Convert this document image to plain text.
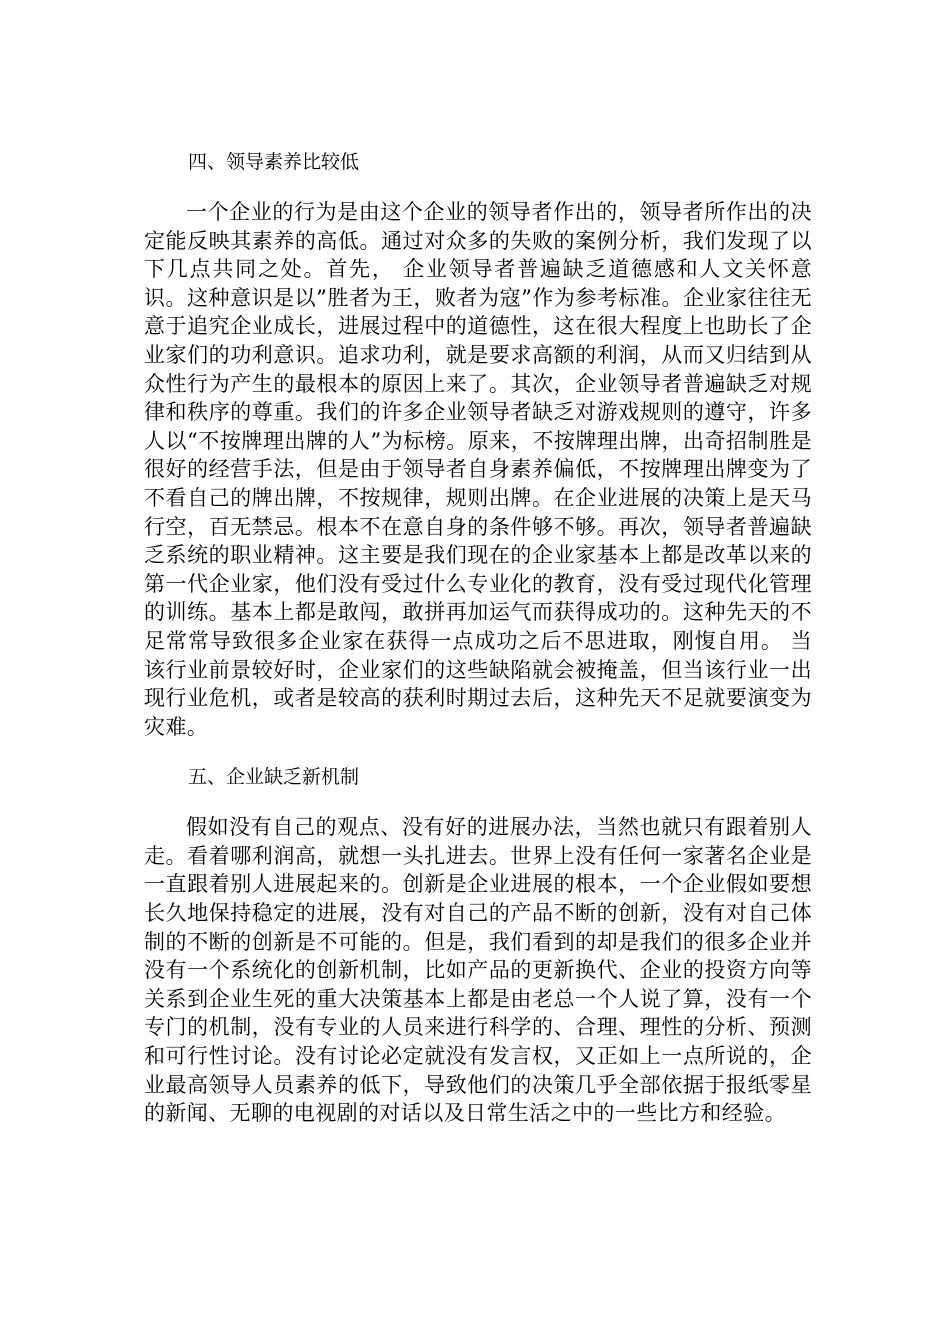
四、领导素养比较低

一个企业的行为是由这个企业的领导者作出的，领导者所作出的决定能反映其素养的高低。通过对众多的失败的案例分析，我们发现了以下几点共同之处。首先， 企业领导者普遍缺乏道德感和人文关怀意识。这种意识是以”胜者为王，败者为寇”作为参考标准。企业家往往无意于追究企业成长，进展过程中的道德性，这在很大程度上也助长了企业家们的功利意识。追求功利，就是要求高额的利润，从而又归结到从众性行为产生的最根本的原因上来了。其次，企业领导者普遍缺乏对规律和秩序的尊重。我们的许多企业领导者缺乏对游戏规则的遵守，许多人以“不按牌理出牌的人”为标榜。原来，不按牌理出牌，出奇招制胜是很好的经营手法，但是由于领导者自身素养偏低，不按牌理出牌变为了不看自己的牌出牌，不按规律，规则出牌。在企业进展的决策上是天马行空，百无禁忌。根本不在意自身的条件够不够。再次，领导者普遍缺乏系统的职业精神。这主要是我们现在的企业家基本上都是改革以来的第一代企业家，他们没有受过什么专业化的教育，没有受过现代化管理的训练。基本上都是敢闯，敢拼再加运气而获得成功的。这种先天的不足常常导致很多企业家在获得一点成功之后不思进取，刚愎自用。 当该行业前景较好时，企业家们的这些缺陷就会被掩盖，但当该行业一出现行业危机，或者是较高的获利时期过去后，这种先天不足就要演变为灾难。

五、企业缺乏新机制

假如没有自己的观点、没有好的进展办法，当然也就只有跟着别人走。看着哪利润高，就想一头扎进去。世界上没有任何一家著名企业是一直跟着别人进展起来的。创新是企业进展的根本，一个企业假如要想长久地保持稳定的进展，没有对自己的产品不断的创新，没有对自己体制的不断的创新是不可能的。但是，我们看到的却是我们的很多企业并没有一个系统化的创新机制，比如产品的更新换代、企业的投资方向等关系到企业生死的重大决策基本上都是由老总一个人说了算，没有一个专门的机制，没有专业的人员来进行科学的、合理、理性的分析、预测和可行性讨论。没有讨论必定就没有发言权，又正如上一点所说的，企业最高领导人员素养的低下，导致他们的决策几乎全部依据于报纸零星的新闻、无聊的电视剧的对话以及日常生活之中的一些比方和经验。
